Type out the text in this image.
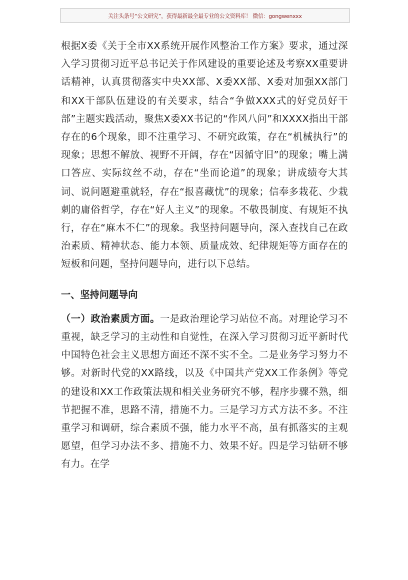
关注头条号“公文研究”，获得最新最全最专业的公文资料库！ 微信：gongwenxxx

根据X委《关于全市XX系统开展作风整治工作方案》要求，通过深入学习贯彻习近平总书记关于作风建设的重要论述及考察XX重要讲话精神，认真贯彻落实中央XX部、X委XX部、X委对加强XX部门和XX干部队伍建设的有关要求，结合“争做XXX式的好党员好干部”主题实践活动，聚焦X委XX书记的“作风八问”和XXXX指出干部存在的6个现象，即不注重学习、不研究政策，存在“机械执行”的现象；思想不解放、视野不开阔，存在“因循守旧”的现象；嘴上满口答应、实际纹丝不动，存在“坐而论道”的现象；讲成绩夸大其词、说问题避重就轻，存在“报喜藏忧”的现象；信奉多栽花、少栽刺的庸俗哲学，存在“好人主义”的现象。不敬畏制度、有规矩不执行，存在“麻木不仁”的现象。我坚持问题导向，深入查找自己在政治素质、精神状态、能力本领、质量成效、纪律规矩等方面存在的短板和问题，坚持问题导向，进行以下总结。

一、坚持问题导向

（一）政治素质方面。一是政治理论学习站位不高。对理论学习不重视，缺乏学习的主动性和自觉性，在深入学习贯彻习近平新时代中国特色社会主义思想方面还不深不实不全。二是业务学习努力不够。对新时代党的XX路线，以及《中国共产党XX工作条例》等党的建设和XX工作政策法规和相关业务研究不够，程序步骤不熟，细节把握不准，思路不清，措施不力。三是学习方式方法不多。不注重学习和调研，综合素质不强，能力水平不高，虽有抓落实的主观愿望，但学习办法不多、措施不力、效果不好。四是学习钻研不够有力。在学
